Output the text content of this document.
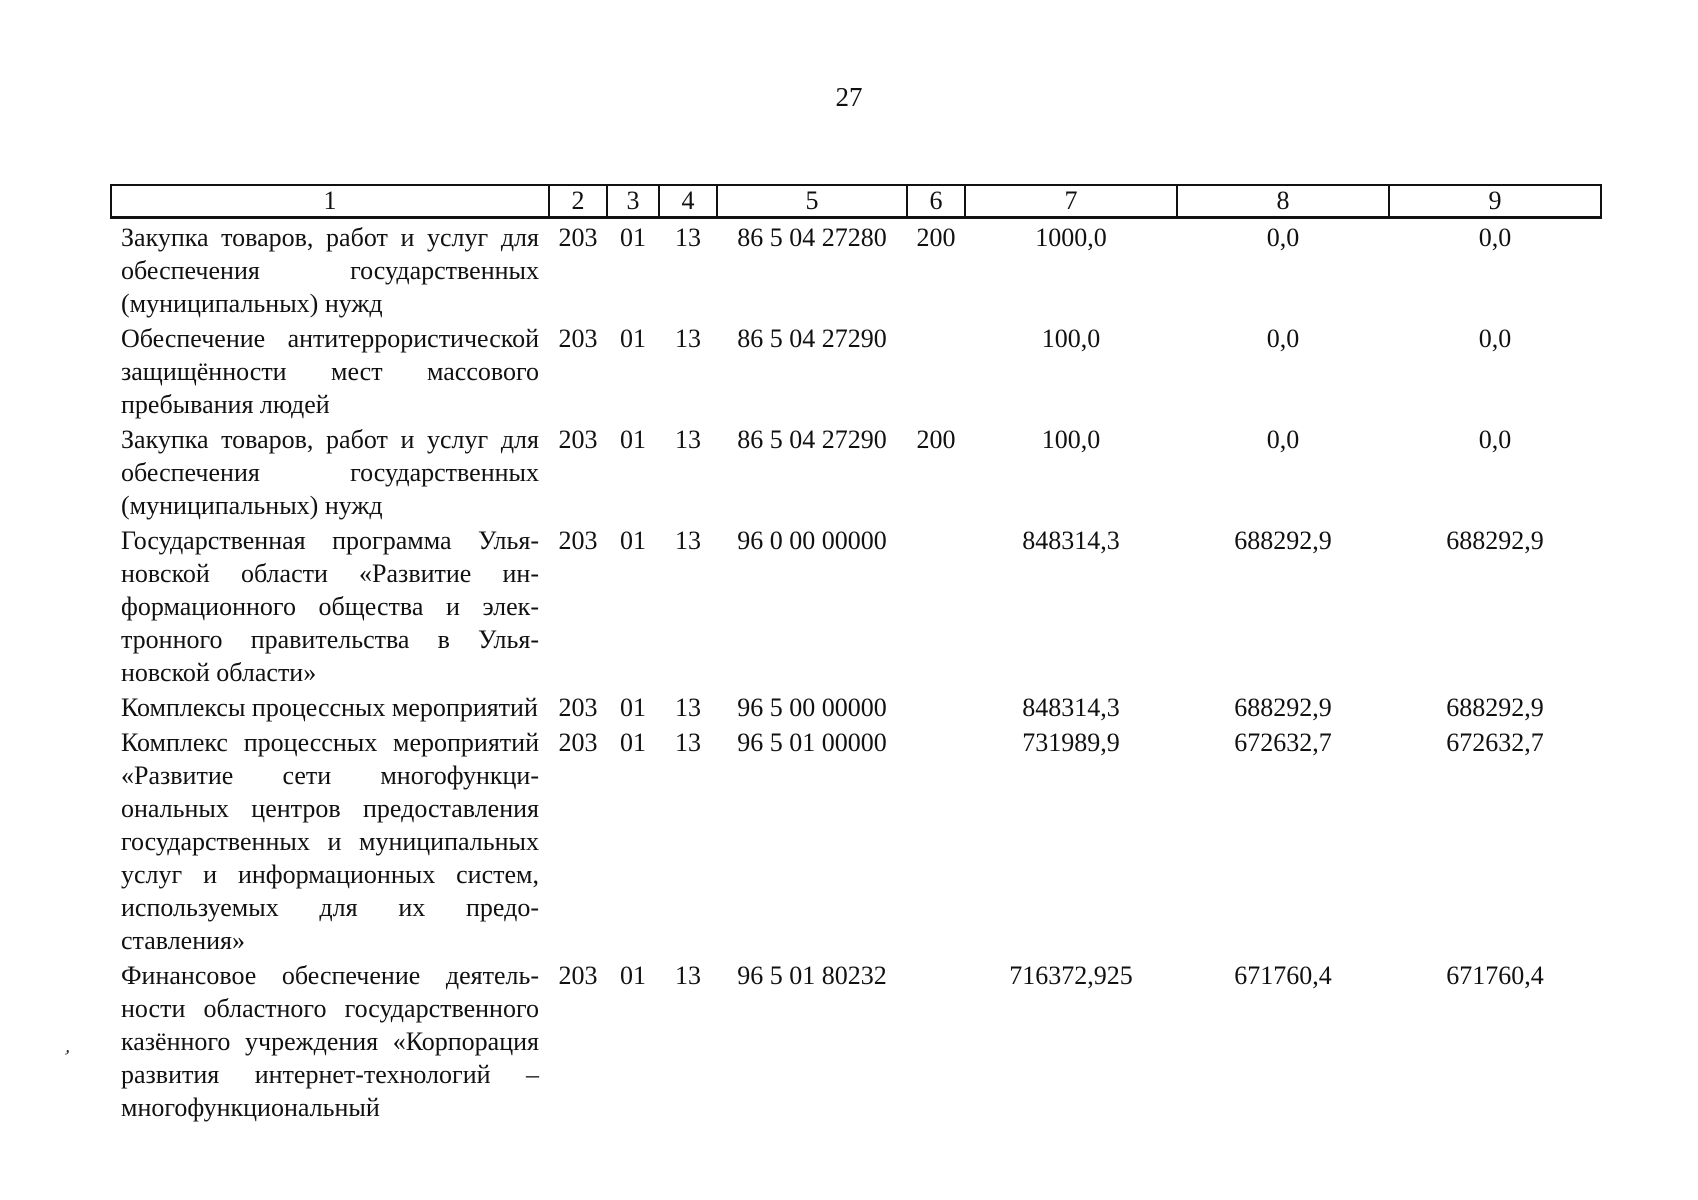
27
1	2	3	4	5	6	7	8	9
Закупка товаров, работ и услуг для обеспечения государственных (муниципальных) нужд	203	01	13	86 5 04 27280	200	1000,0	0,0	0,0
Обеспечение антитеррористической защищённости мест массового пребывания людей	203	01	13	86 5 04 27290		100,0	0,0	0,0
Закупка товаров, работ и услуг для обеспечения государственных (муниципальных) нужд	203	01	13	86 5 04 27290	200	100,0	0,0	0,0
Государственная программа Ульяновской области «Развитие информационного общества и электронного правительства в Ульяновской области»	203	01	13	96 0 00 00000		848314,3	688292,9	688292,9
Комплексы процессных мероприятий	203	01	13	96 5 00 00000		848314,3	688292,9	688292,9
Комплекс процессных мероприятий «Развитие сети многофункциональных центров предоставления государственных и муниципальных услуг и информационных систем, используемых для их предоставления»	203	01	13	96 5 01 00000		731989,9	672632,7	672632,7
Финансовое обеспечение деятельности областного государственного казённого учреждения «Корпорация развития интернет-технологий – многофункциональный	203	01	13	96 5 01 80232		716372,925	671760,4	671760,4
ʼ
